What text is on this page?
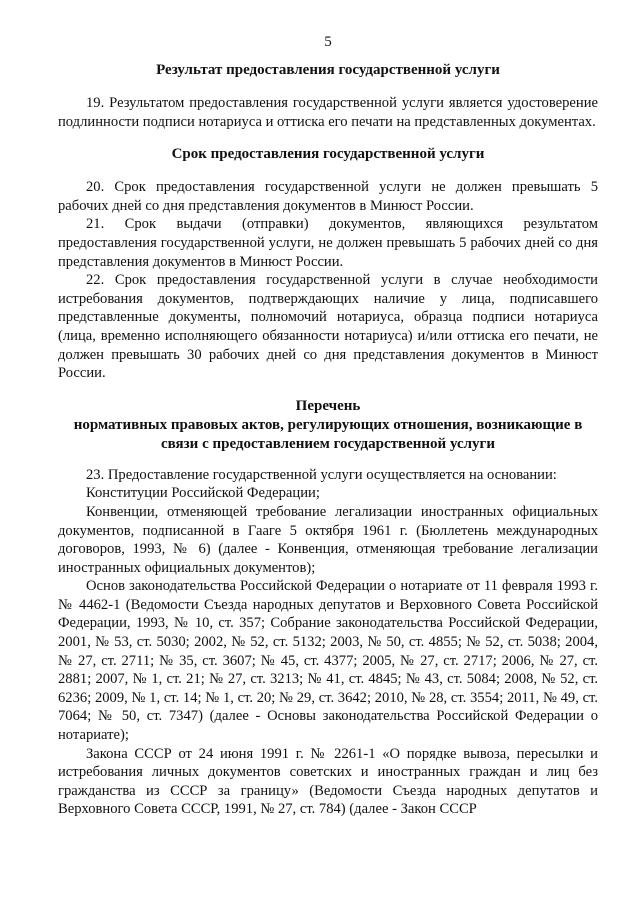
5
Результат предоставления государственной услуги

19. Результатом предоставления государственной услуги является удостоверение подлинности подписи нотариуса и оттиска его печати на представленных документах.

Срок предоставления государственной услуги

20. Срок предоставления государственной услуги не должен превышать 5 рабочих дней со дня представления документов в Минюст России.

21. Срок выдачи (отправки) документов, являющихся результатом предоставления государственной услуги, не должен превышать 5 рабочих дней со дня представления документов в Минюст России.

22. Срок предоставления государственной услуги в случае необходимости истребования документов, подтверждающих наличие у лица, подписавшего представленные документы, полномочий нотариуса, образца подписи нотариуса (лица, временно исполняющего обязанности нотариуса) и/или оттиска его печати, не должен превышать 30 рабочих дней со дня представления документов в Минюст России.

Перечень
нормативных правовых актов, регулирующих отношения, возникающие в связи с предоставлением государственной услуги

23. Предоставление государственной услуги осуществляется на основании:

Конституции Российской Федерации;

Конвенции, отменяющей требование легализации иностранных официальных документов, подписанной в Гааге 5 октября 1961 г. (Бюллетень международных договоров, 1993, № 6) (далее - Конвенция, отменяющая требование легализации иностранных официальных документов);

Основ законодательства Российской Федерации о нотариате от 11 февраля 1993 г. № 4462-1 (Ведомости Съезда народных депутатов и Верховного Совета Российской Федерации, 1993, № 10, ст. 357; Собрание законодательства Российской Федерации, 2001, № 53, ст. 5030; 2002, № 52, ст. 5132; 2003, № 50, ст. 4855; № 52, ст. 5038; 2004, № 27, ст. 2711; № 35, ст. 3607; № 45, ст. 4377; 2005, № 27, ст. 2717; 2006, № 27, ст. 2881; 2007, № 1, ст. 21; № 27, ст. 3213; № 41, ст. 4845; № 43, ст. 5084; 2008, № 52, ст. 6236; 2009, № 1, ст. 14; № 1, ст. 20; № 29, ст. 3642; 2010, № 28, ст. 3554; 2011, № 49, ст. 7064; № 50, ст. 7347) (далее - Основы законодательства Российской Федерации о нотариате);

Закона СССР от 24 июня 1991 г. № 2261-1 «О порядке вывоза, пересылки и истребования личных документов советских и иностранных граждан и лиц без гражданства из СССР за границу» (Ведомости Съезда народных депутатов и Верховного Совета СССР, 1991, № 27, ст. 784) (далее - Закон СССР
